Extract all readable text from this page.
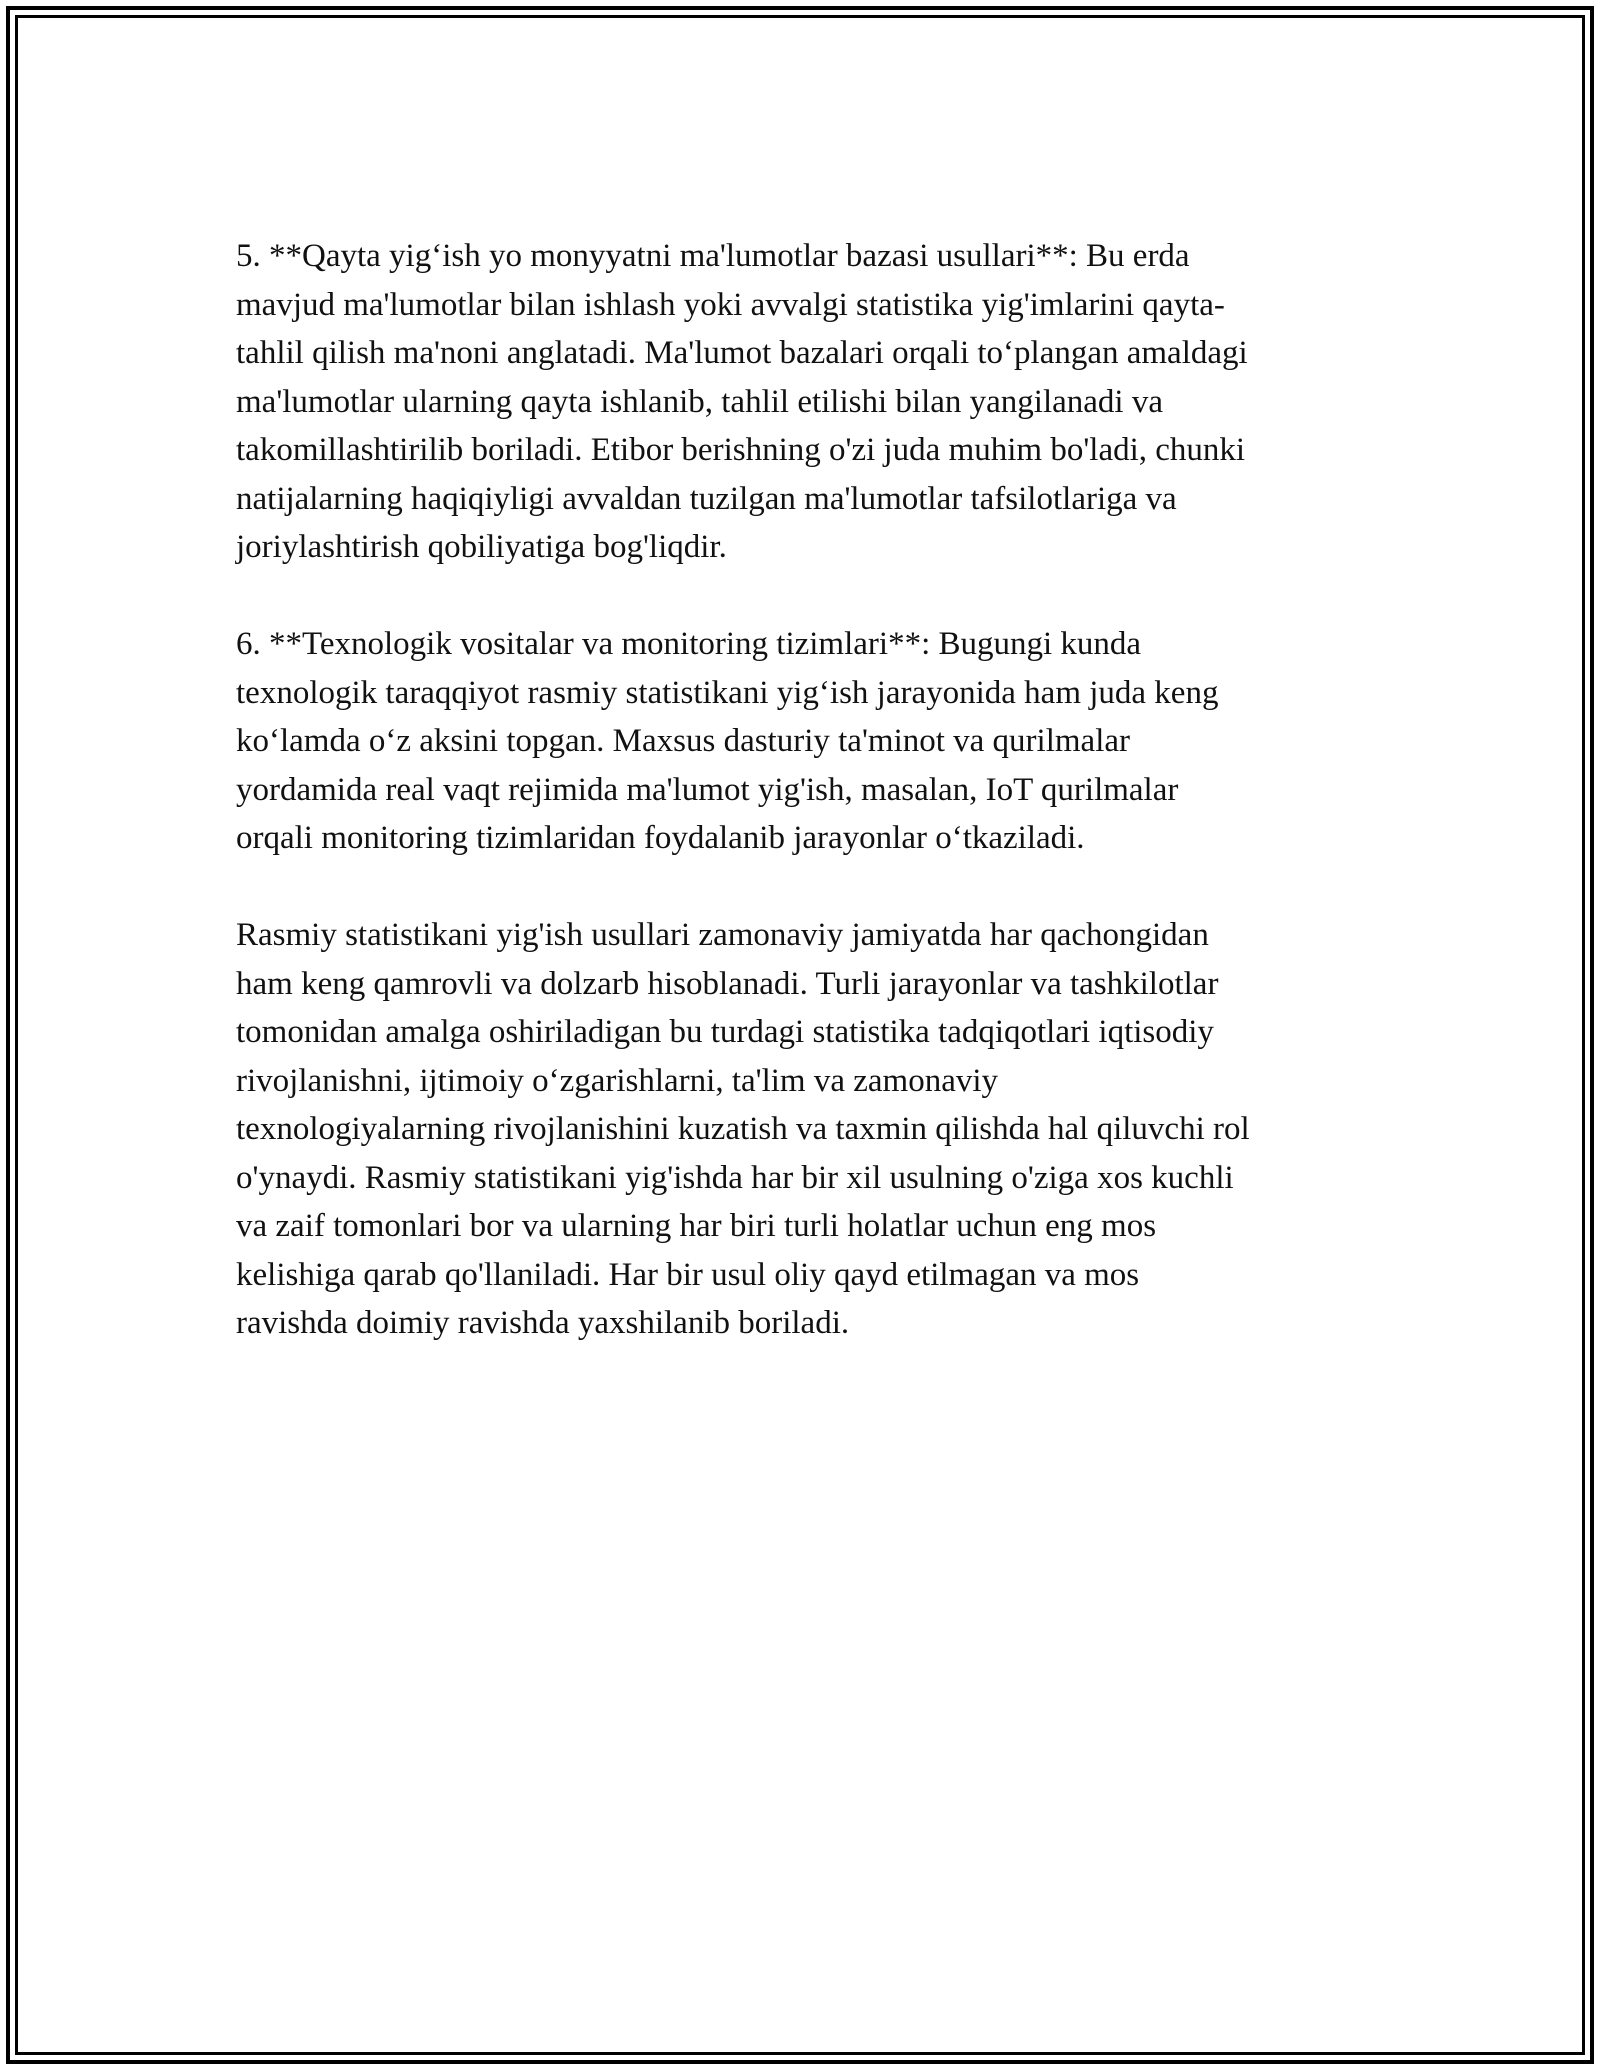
5. **Qayta yig‘ish yo monyyatni ma'lumotlar bazasi usullari**: Bu erda
mavjud ma'lumotlar bilan ishlash yoki avvalgi statistika yig'imlarini qayta-
tahlil qilish ma'noni anglatadi. Ma'lumot bazalari orqali to‘plangan amaldagi
ma'lumotlar ularning qayta ishlanib, tahlil etilishi bilan yangilanadi va
takomillashtirilib boriladi. Etibor berishning o'zi juda muhim bo'ladi, chunki
natijalarning haqiqiyligi avvaldan tuzilgan ma'lumotlar tafsilotlariga va
joriylashtirish qobiliyatiga bog'liqdir.

6. **Texnologik vositalar va monitoring tizimlari**: Bugungi kunda
texnologik taraqqiyot rasmiy statistikani yig‘ish jarayonida ham juda keng
ko‘lamda o‘z aksini topgan. Maxsus dasturiy ta'minot va qurilmalar
yordamida real vaqt rejimida ma'lumot yig'ish, masalan, IoT qurilmalar
orqali monitoring tizimlaridan foydalanib jarayonlar o‘tkaziladi.

Rasmiy statistikani yig'ish usullari zamonaviy jamiyatda har qachongidan
ham keng qamrovli va dolzarb hisoblanadi. Turli jarayonlar va tashkilotlar
tomonidan amalga oshiriladigan bu turdagi statistika tadqiqotlari iqtisodiy
rivojlanishni, ijtimoiy o‘zgarishlarni, ta'lim va zamonaviy
texnologiyalarning rivojlanishini kuzatish va taxmin qilishda hal qiluvchi rol
o'ynaydi. Rasmiy statistikani yig'ishda har bir xil usulning o'ziga xos kuchli
va zaif tomonlari bor va ularning har biri turli holatlar uchun eng mos
kelishiga qarab qo'llaniladi. Har bir usul oliy qayd etilmagan va mos
ravishda doimiy ravishda yaxshilanib boriladi.
